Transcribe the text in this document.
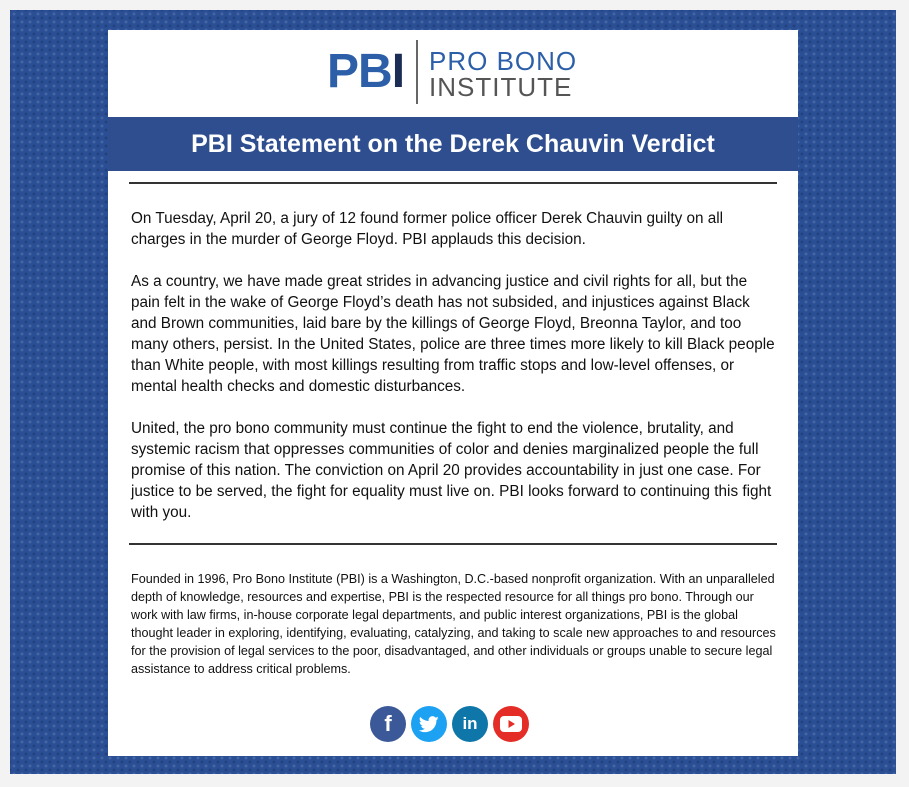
PBI PRO BONO
INSTITUTE
PBI Statement on the Derek Chauvin Verdict

On Tuesday, April 20, a jury of 12 found former police officer Derek Chauvin guilty on all charges in the murder of George Floyd. PBI applauds this decision.

As a country, we have made great strides in advancing justice and civil rights for all, but the pain felt in the wake of George Floyd’s death has not subsided, and injustices against Black and Brown communities, laid bare by the killings of George Floyd, Breonna Taylor, and too many others, persist. In the United States, police are three times more likely to kill Black people than White people, with most killings resulting from traffic stops and low-level offenses, or mental health checks and domestic disturbances.

United, the pro bono community must continue the fight to end the violence, brutality, and systemic racism that oppresses communities of color and denies marginalized people the full promise of this nation. The conviction on April 20 provides accountability in just one case. For justice to be served, the fight for equality must live on. PBI looks forward to continuing this fight with you.

Founded in 1996, Pro Bono Institute (PBI) is a Washington, D.C.-based nonprofit organization. With an unparalleled depth of knowledge, resources and expertise, PBI is the respected resource for all things pro bono. Through our work with law firms, in-house corporate legal departments, and public interest organizations, PBI is the global thought leader in exploring, identifying, evaluating, catalyzing, and taking to scale new approaches to and resources for the provision of legal services to the poor, disadvantaged, and other individuals or groups unable to secure legal assistance to address critical problems.
f	in
